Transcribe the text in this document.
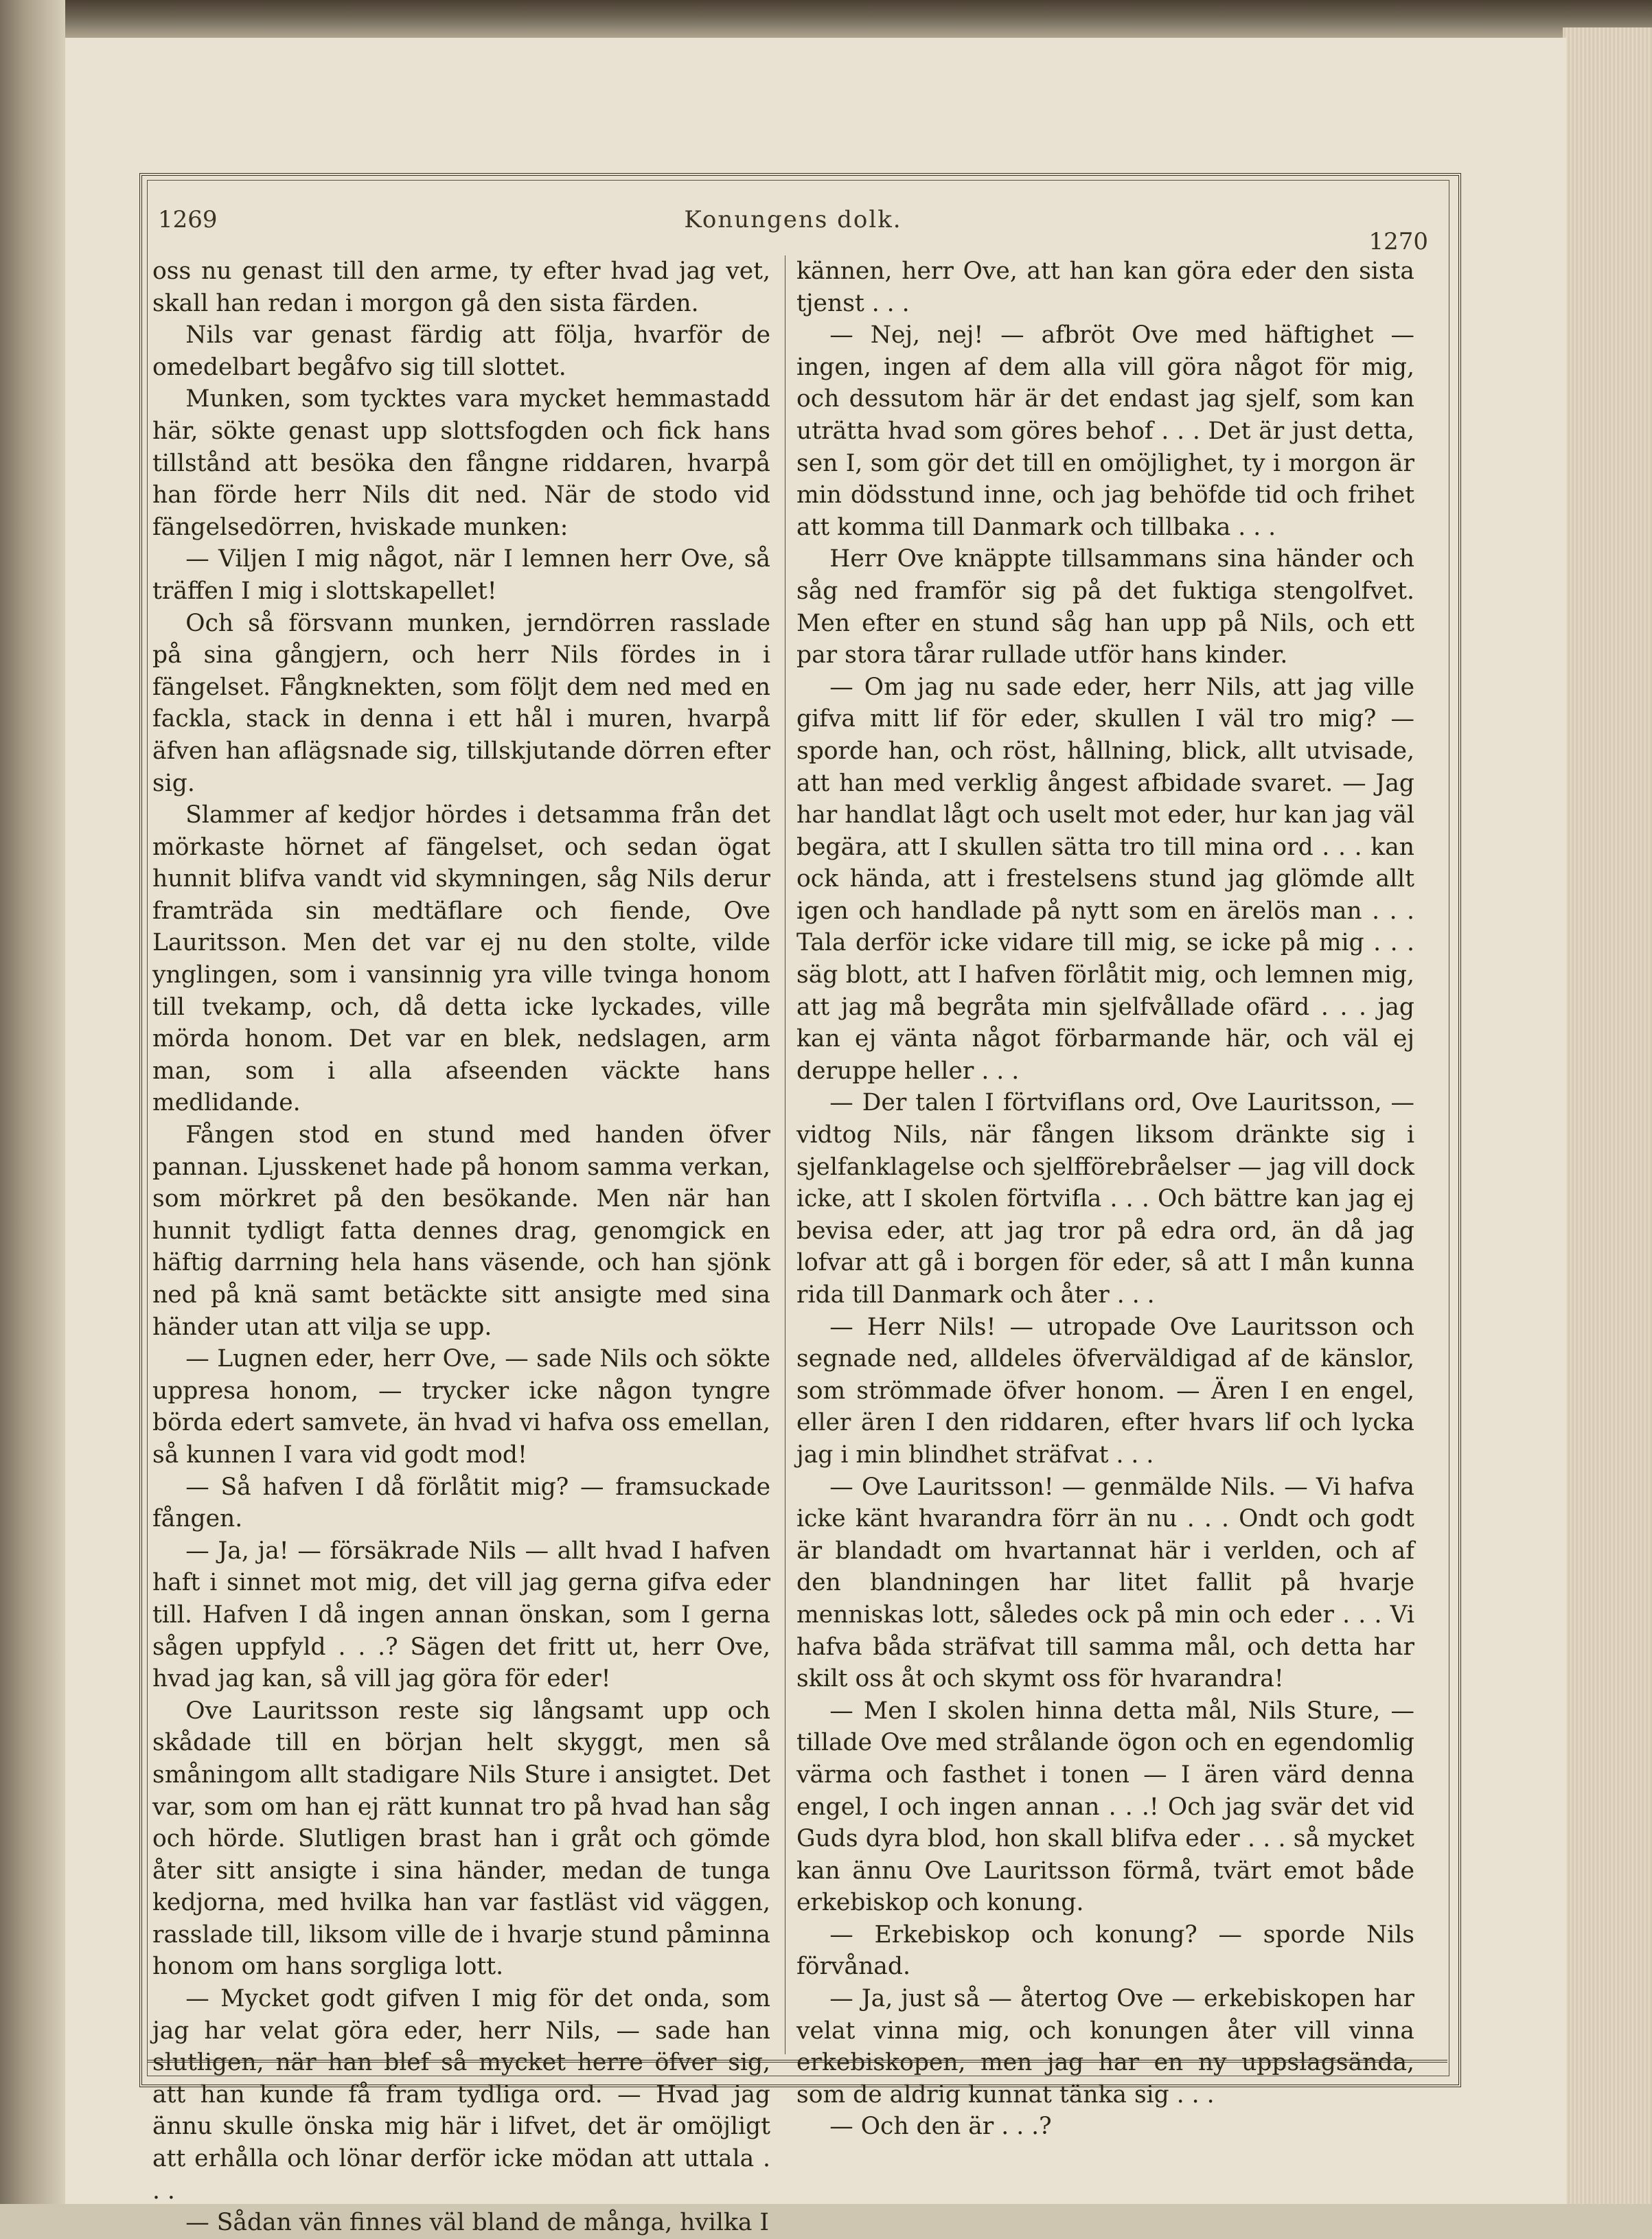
1269	Konungens dolk.
1270

oss nu genast till den arme, ty efter hvad jag vet, skall han redan i morgon gå den sista färden.

Nils var genast färdig att följa, hvarför de omedelbart begåfvo sig till slottet.

Munken, som tycktes vara mycket hemmastadd här, sökte genast upp slottsfogden och fick hans tillstånd att besöka den fångne riddaren, hvarpå han förde herr Nils dit ned. När de stodo vid fängelsedörren, hviskade munken:

— Viljen I mig något, när I lemnen herr Ove, så träffen I mig i slottskapellet!

Och så försvann munken, jerndörren rasslade på sina gångjern, och herr Nils fördes in i fängelset. Fångknekten, som följt dem ned med en fackla, stack in denna i ett hål i muren, hvarpå äfven han aflägsnade sig, tillskjutande dörren efter sig.

Slammer af kedjor hördes i detsamma från det mörkaste hörnet af fängelset, och sedan ögat hunnit blifva vandt vid skymningen, såg Nils derur framträda sin medtäflare och fiende, Ove Lauritsson. Men det var ej nu den stolte, vilde ynglingen, som i vansinnig yra ville tvinga honom till tvekamp, och, då detta icke lyckades, ville mörda honom. Det var en blek, nedslagen, arm man, som i alla afseenden väckte hans medlidande.

Fången stod en stund med handen öfver pannan. Ljusskenet hade på honom samma verkan, som mörkret på den besökande. Men när han hunnit tydligt fatta dennes drag, genomgick en häftig darrning hela hans väsende, och han sjönk ned på knä samt betäckte sitt ansigte med sina händer utan att vilja se upp.

— Lugnen eder, herr Ove, — sade Nils och sökte uppresa honom, — trycker icke någon tyngre börda edert samvete, än hvad vi hafva oss emellan, så kunnen I vara vid godt mod!

— Så hafven I då förlåtit mig? — framsuckade fången.

— Ja, ja! — försäkrade Nils — allt hvad I hafven haft i sinnet mot mig, det vill jag gerna gifva eder till. Hafven I då ingen annan önskan, som I gerna sågen uppfyld . . .? Sägen det fritt ut, herr Ove, hvad jag kan, så vill jag göra för eder!

Ove Lauritsson reste sig långsamt upp och skådade till en början helt skyggt, men så småningom allt stadigare Nils Sture i ansigtet. Det var, som om han ej rätt kunnat tro på hvad han såg och hörde. Slutligen brast han i gråt och gömde åter sitt ansigte i sina händer, medan de tunga kedjorna, med hvilka han var fastläst vid väggen, rasslade till, liksom ville de i hvarje stund påminna honom om hans sorgliga lott.

— Mycket godt gifven I mig för det onda, som jag har velat göra eder, herr Nils, — sade han slutligen, när han blef så mycket herre öfver sig, att han kunde få fram tydliga ord. — Hvad jag ännu skulle önska mig här i lifvet, det är omöjligt att erhålla och lönar derför icke mödan att uttala . . .

— Sådan vän finnes väl bland de många, hvilka I

kännen, herr Ove, att han kan göra eder den sista tjenst . . .

— Nej, nej! — afbröt Ove med häftighet — ingen, ingen af dem alla vill göra något för mig, och dessutom här är det endast jag sjelf, som kan uträtta hvad som göres behof . . . Det är just detta, sen I, som gör det till en omöjlighet, ty i morgon är min dödsstund inne, och jag behöfde tid och frihet att komma till Danmark och tillbaka . . .

Herr Ove knäppte tillsammans sina händer och såg ned framför sig på det fuktiga stengolfvet. Men efter en stund såg han upp på Nils, och ett par stora tårar rullade utför hans kinder.

— Om jag nu sade eder, herr Nils, att jag ville gifva mitt lif för eder, skullen I väl tro mig? — sporde han, och röst, hållning, blick, allt utvisade, att han med verklig ångest afbidade svaret. — Jag har handlat lågt och uselt mot eder, hur kan jag väl begära, att I skullen sätta tro till mina ord . . . kan ock hända, att i frestelsens stund jag glömde allt igen och handlade på nytt som en ärelös man . . . Tala derför icke vidare till mig, se icke på mig . . . säg blott, att I hafven förlåtit mig, och lemnen mig, att jag må begråta min sjelfvållade ofärd . . . jag kan ej vänta något förbarmande här, och väl ej deruppe heller . . .

— Der talen I förtviflans ord, Ove Lauritsson, — vidtog Nils, när fången liksom dränkte sig i sjelfanklagelse och sjelfförebråelser — jag vill dock icke, att I skolen förtvifla . . . Och bättre kan jag ej bevisa eder, att jag tror på edra ord, än då jag lofvar att gå i borgen för eder, så att I mån kunna rida till Danmark och åter . . .

— Herr Nils! — utropade Ove Lauritsson och segnade ned, alldeles öfverväldigad af de känslor, som strömmade öfver honom. — Ären I en engel, eller ären I den riddaren, efter hvars lif och lycka jag i min blindhet sträfvat . . .

— Ove Lauritsson! — genmälde Nils. — Vi hafva icke känt hvarandra förr än nu . . . Ondt och godt är blandadt om hvartannat här i verlden, och af den blandningen har litet fallit på hvarje menniskas lott, således ock på min och eder . . . Vi hafva båda sträfvat till samma mål, och detta har skilt oss åt och skymt oss för hvarandra!

— Men I skolen hinna detta mål, Nils Sture, — tillade Ove med strålande ögon och en egendomlig värma och fasthet i tonen — I ären värd denna engel, I och ingen annan . . .! Och jag svär det vid Guds dyra blod, hon skall blifva eder . . . så mycket kan ännu Ove Lauritsson förmå, tvärt emot både erkebiskop och konung.

— Erkebiskop och konung? — sporde Nils förvånad.

— Ja, just så — återtog Ove — erkebiskopen har velat vinna mig, och konungen åter vill vinna erkebiskopen, men jag har en ny uppslagsända, som de aldrig kunnat tänka sig . . .

— Och den är . . .?
